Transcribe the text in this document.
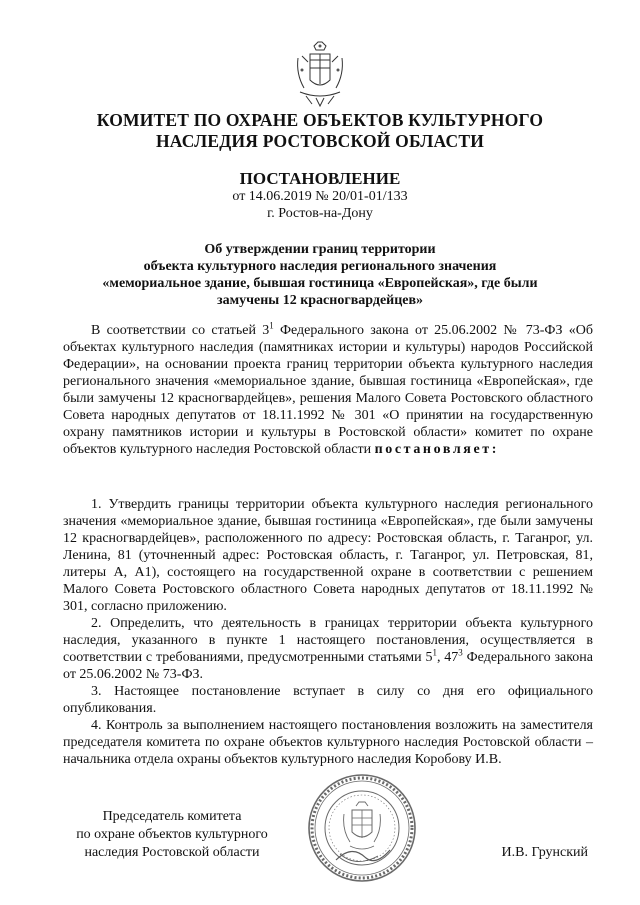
КОМИТЕТ ПО ОХРАНЕ ОБЪЕКТОВ КУЛЬТУРНОГО
НАСЛЕДИЯ РОСТОВСКОЙ ОБЛАСТИ
ПОСТАНОВЛЕНИЕ
от 14.06.2019 № 20/01-01/133
г. Ростов-на-Дону
Об утверждении границ территории
объекта культурного наследия регионального значения
«мемориальное здание, бывшая гостиница «Европейская», где были
замучены 12 красногвардейцев»

В соответствии со статьей $3^1$ Федерального закона от 25.06.2002 № 73-ФЗ «Об объектах культурного наследия (памятниках истории и культуры) народов Российской Федерации», на основании проекта границ территории объекта культурного наследия регионального значения «мемориальное здание, бывшая гостиница «Европейская», где были замучены 12 красногвардейцев», решения Малого Совета Ростовского областного Совета народных депутатов от 18.11.1992 № 301 «О принятии на государственную охрану памятников истории и культуры в Ростовской области» комитет по охране объектов культурного наследия Ростовской области постановляет:

1. Утвердить границы территории объекта культурного наследия регионального значения «мемориальное здание, бывшая гостиница «Европейская», где были замучены 12 красногвардейцев», расположенного по адресу: Ростовская область, г. Таганрог, ул. Ленина, 81 (уточненный адрес: Ростовская область, г. Таганрог, ул. Петровская, 81, литеры А, А1), состоящего на государственной охране в соответствии с решением Малого Совета Ростовского областного Совета народных депутатов от 18.11.1992 № 301, согласно приложению.

2. Определить, что деятельность в границах территории объекта культурного наследия, указанного в пункте 1 настоящего постановления, осуществляется в соответствии с требованиями, предусмотренными статьями $5^1$, $47^3$ Федерального закона от 25.06.2002 № 73-ФЗ.

3. Настоящее постановление вступает в силу со дня его официального опубликования.

4. Контроль за выполнением настоящего постановления возложить на заместителя председателя комитета по охране объектов культурного наследия Ростовской области – начальника отдела охраны объектов культурного наследия Коробову И.В.

Председатель комитета
по охране объектов культурного
наследия Ростовской области	И.В. Грунский
